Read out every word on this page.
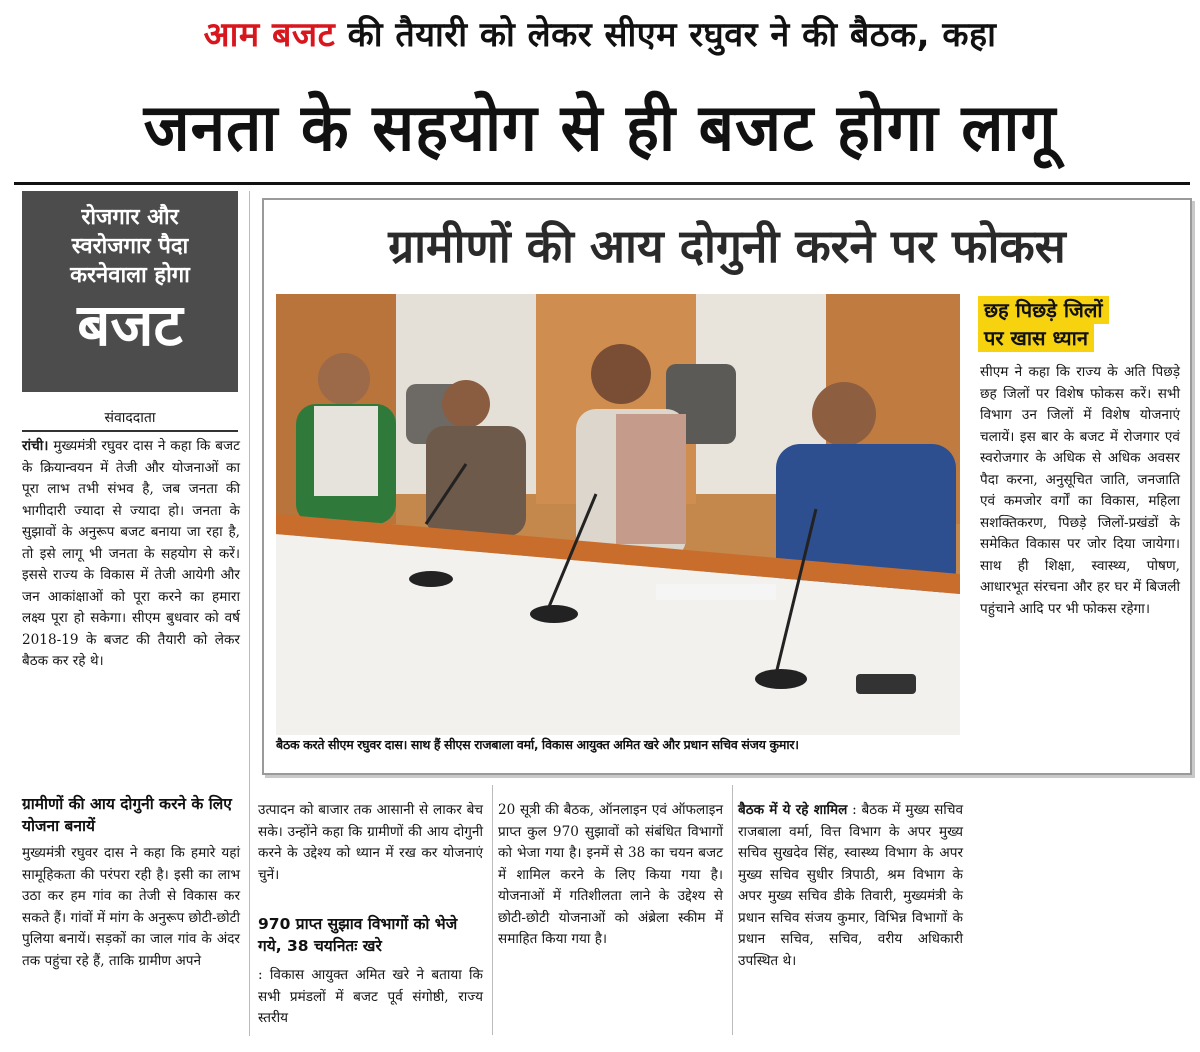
आम बजट की तैयारी को लेकर सीएम रघुवर ने की बैठक, कहा
जनता के सहयोग से ही बजट होगा लागू
रोजगार और
स्वरोजगार पैदा
करनेवाला होगा
बजट
संवाददाता
रांची। मुख्यमंत्री रघुवर दास ने कहा कि बजट के क्रियान्वयन में तेजी और योजनाओं का पूरा लाभ तभी संभव है, जब जनता की भागीदारी ज्यादा से ज्यादा हो। जनता के सुझावों के अनुरूप बजट बनाया जा रहा है, तो इसे लागू भी जनता के सहयोग से करें। इससे राज्य के विकास में तेजी आयेगी और जन आकांक्षाओं को पूरा करने का हमारा लक्ष्य पूरा हो सकेगा। सीएम बुधवार को वर्ष 2018-19 के बजट की तैयारी को लेकर बैठक कर रहे थे।
ग्रामीणों की आय दोगुनी करने के लिए योजना बनायें
मुख्यमंत्री रघुवर दास ने कहा कि हमारे यहां सामूहिकता की परंपरा रही है। इसी का लाभ उठा कर हम गांव का तेजी से विकास कर सकते हैं। गांवों में मांग के अनुरूप छोटी-छोटी पुलिया बनायें। सड़कों का जाल गांव के अंदर तक पहुंचा रहे हैं, ताकि ग्रामीण अपने
ग्रामीणों की आय दोगुनी करने पर फोकस
बैठक करते सीएम रघुवर दास। साथ हैं सीएस राजबाला वर्मा, विकास आयुक्त अमित खरे और प्रधान सचिव संजय कुमार।
छह पिछड़े जिलों
पर खास ध्यान
सीएम ने कहा कि राज्य के अति पिछड़े छह जिलों पर विशेष फोकस करें। सभी विभाग उन जिलों में विशेष योजनाएं चलायें। इस बार के बजट में रोजगार एवं स्वरोजगार के अधिक से अधिक अवसर पैदा करना, अनुसूचित जाति, जनजाति एवं कमजोर वर्गों का विकास, महिला सशक्तिकरण, पिछड़े जिलों-प्रखंडों के समेकित विकास पर जोर दिया जायेगा। साथ ही शिक्षा, स्वास्थ्य, पोषण, आधारभूत संरचना और हर घर में बिजली पहुंचाने आदि पर भी फोकस रहेगा।
उत्पादन को बाजार तक आसानी से लाकर बेच सके। उन्होंने कहा कि ग्रामीणों की आय दोगुनी करने के उद्देश्य को ध्यान में रख कर योजनाएं चुनें।
970 प्राप्त सुझाव विभागों को भेजे गये, 38 चयनितः खरे
: विकास आयुक्त अमित खरे ने बताया कि सभी प्रमंडलों में बजट पूर्व संगोष्ठी, राज्य स्तरीय
20 सूत्री की बैठक, ऑनलाइन एवं ऑफलाइन प्राप्त कुल 970 सुझावों को संबंधित विभागों को भेजा गया है। इनमें से 38 का चयन बजट में शामिल करने के लिए किया गया है। योजनाओं में गतिशीलता लाने के उद्देश्य से छोटी-छोटी योजनाओं को अंब्रेला स्कीम में समाहित किया गया है।
बैठक में ये रहे शामिल : बैठक में मुख्य सचिव राजबाला वर्मा, वित्त विभाग के अपर मुख्य सचिव सुखदेव सिंह, स्वास्थ्य विभाग के अपर मुख्य सचिव सुधीर त्रिपाठी, श्रम विभाग के अपर मुख्य सचिव डीके तिवारी, मुख्यमंत्री के प्रधान सचिव संजय कुमार, विभिन्न विभागों के प्रधान सचिव, सचिव, वरीय अधिकारी उपस्थित थे।
